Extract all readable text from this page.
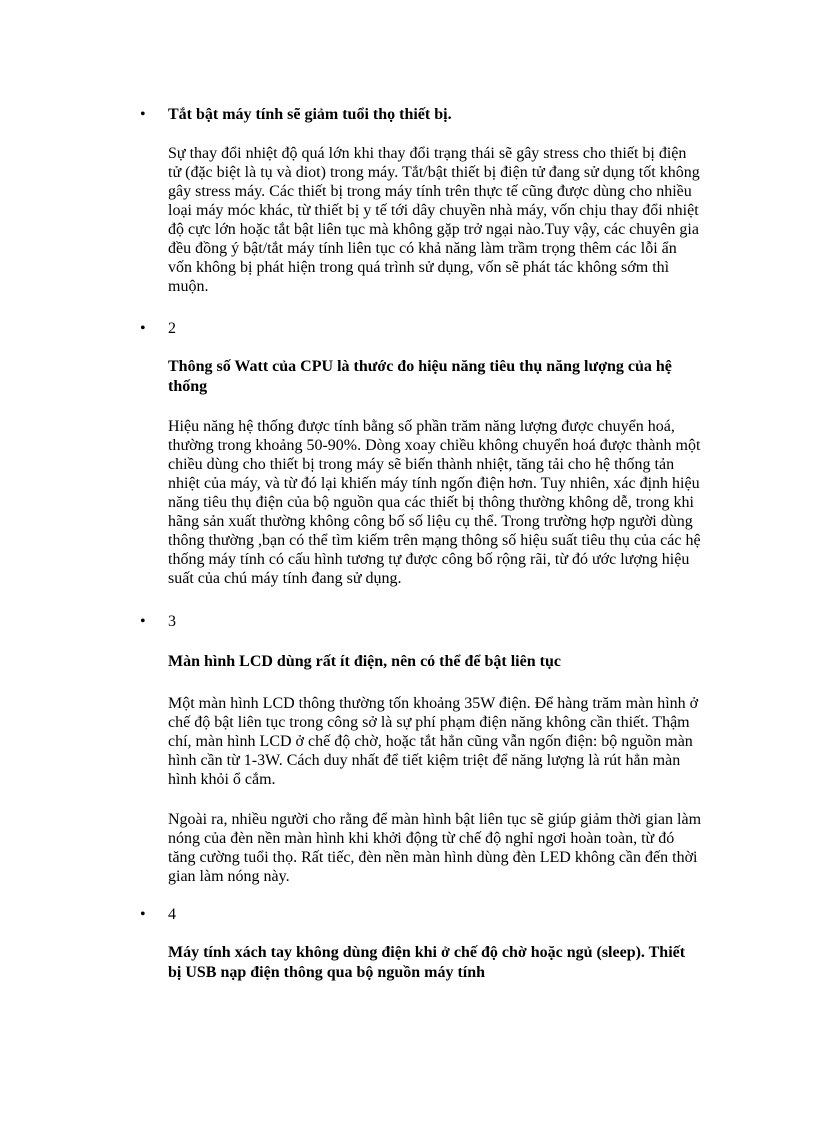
• Tắt bật máy tính sẽ giảm tuổi thọ thiết bị.

Sự thay đổi nhiệt độ quá lớn khi thay đổi trạng thái sẽ gây stress cho thiết bị điện tử (đặc biệt là tụ và diot) trong máy. Tắt/bật thiết bị điện tử đang sử dụng tốt không gây stress máy. Các thiết bị trong máy tính trên thực tế cũng được dùng cho nhiều loại máy móc khác, từ thiết bị y tế tới dây chuyền nhà máy, vốn chịu thay đổi nhiệt độ cực lớn hoặc tắt bật liên tục mà không gặp trở ngại nào.Tuy vậy, các chuyên gia đều đồng ý bật/tắt máy tính liên tục có khả năng làm trầm trọng thêm các lỗi ẩn vốn không bị phát hiện trong quá trình sử dụng, vốn sẽ phát tác không sớm thì muộn.

• 2

Thông số Watt của CPU là thước đo hiệu năng tiêu thụ năng lượng của hệ thống

Hiệu năng hệ thống được tính bằng số phần trăm năng lượng được chuyển hoá, thường trong khoảng 50-90%. Dòng xoay chiều không chuyển hoá được thành một chiều dùng cho thiết bị trong máy sẽ biến thành nhiệt, tăng tải cho hệ thống tản nhiệt của máy, và từ đó lại khiến máy tính ngốn điện hơn. Tuy nhiên, xác định hiệu năng tiêu thụ điện của bộ nguồn qua các thiết bị thông thường không dễ, trong khi hãng sản xuất thường không công bố số liệu cụ thể. Trong trường hợp người dùng thông thường ,bạn có thể tìm kiếm trên mạng thông số hiệu suất tiêu thụ của các hệ thống máy tính có cấu hình tương tự được công bố rộng rãi, từ đó ước lượng hiệu suất của chú máy tính đang sử dụng.

• 3

Màn hình LCD dùng rất ít điện, nên có thể để bật liên tục

Một màn hình LCD thông thường tốn khoảng 35W điện. Để hàng trăm màn hình ở chế độ bật liên tục trong công sở là sự phí phạm điện năng không cần thiết. Thậm chí, màn hình LCD ở chế độ chờ, hoặc tắt hẳn cũng vẫn ngốn điện: bộ nguồn màn hình cần từ 1-3W. Cách duy nhất để tiết kiệm triệt để năng lượng là rút hẳn màn hình khỏi ổ cắm.

Ngoài ra, nhiều người cho rằng để màn hình bật liên tục sẽ giúp giảm thời gian làm nóng của đèn nền màn hình khi khởi động từ chế độ nghỉ ngơi hoàn toàn, từ đó tăng cường tuổi thọ. Rất tiếc, đèn nền màn hình dùng đèn LED không cần đến thời gian làm nóng này.

• 4

Máy tính xách tay không dùng điện khi ở chế độ chờ hoặc ngủ (sleep). Thiết bị USB nạp điện thông qua bộ nguồn máy tính
